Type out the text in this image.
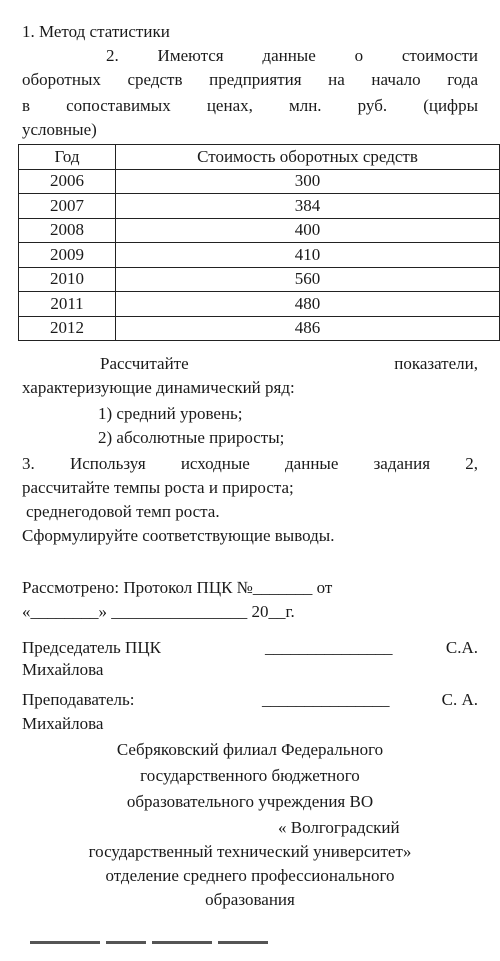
1. Метод статистики
2. Имеются данные о стоимости
оборотных средств предприятия на начало года
в сопоставимых ценах, млн. руб. (цифры
условные)
Год	Стоимость оборотных средств
2006	300
2007	384
2008	400
2009	410
2010	560
2011	480
2012	486
Рассчитайте	показатели,
характеризующие динамический ряд:
1) средний уровень;
2) абсолютные приросты;
3. Используя исходные данные задания 2,
рассчитайте темпы роста и прироста;
среднегодовой темп роста.
Сформулируйте соответствующие выводы.
Рассмотрено: Протокол ПЦК №_______ от
«________» ________________ 20__г.
Председатель ПЦК	_______________	С.А.
Михайлова
Преподаватель:	_______________	С. А.
Михайлова
Себряковский филиал Федерального
государственного бюджетного
образовательного учреждения ВО
« Волгоградский
государственный технический университет»
отделение среднего профессионального
образования
